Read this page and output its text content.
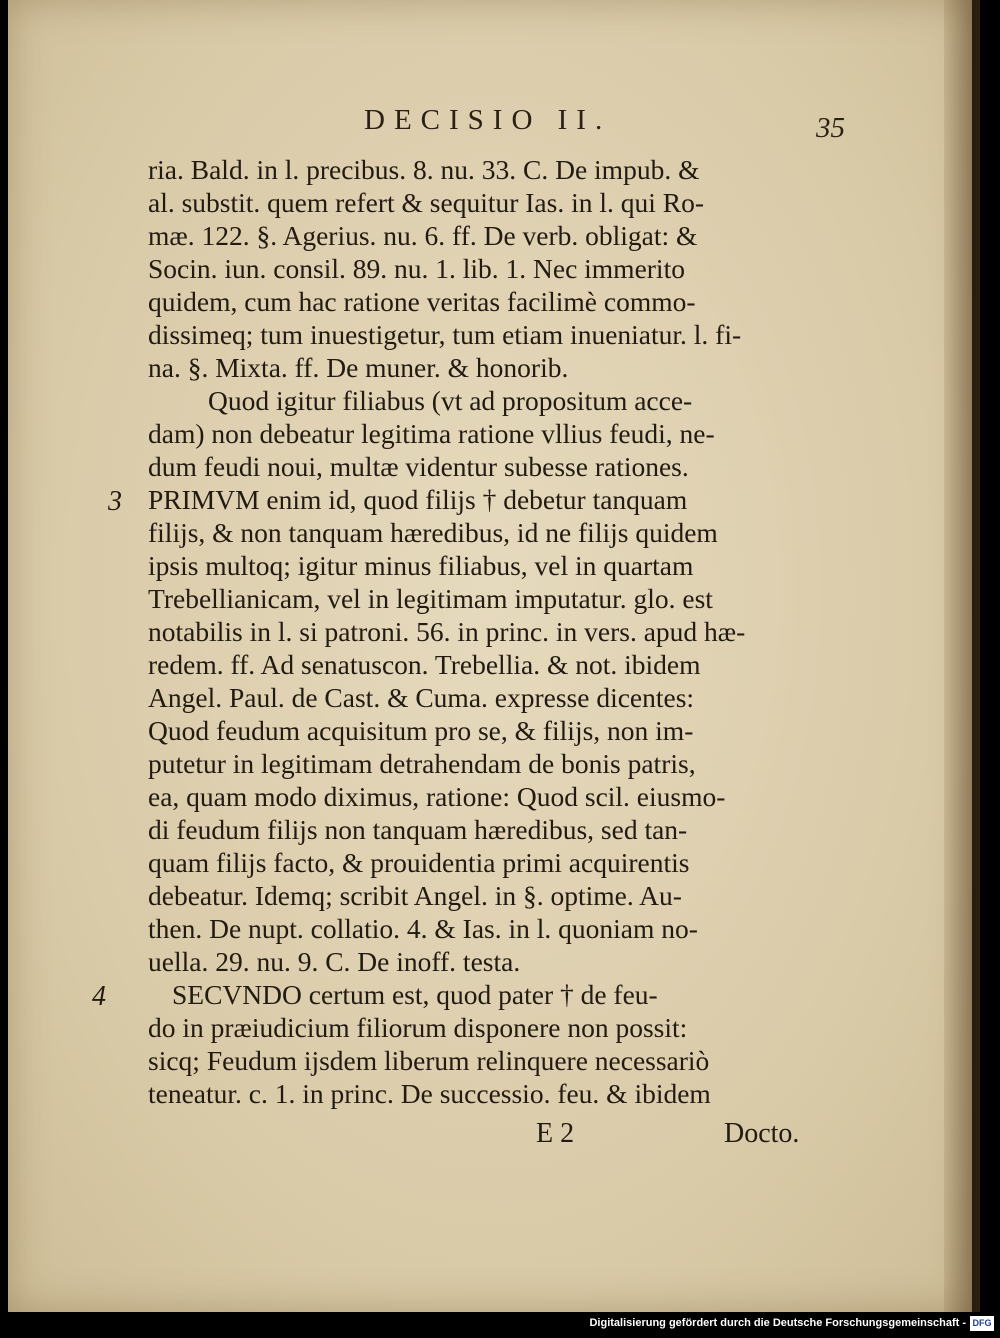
DECISIO II.	35
ria. Bald. in l. precibus. 8. nu. 33. C. De impub. &
al. substit. quem refert & sequitur Ias. in l. qui Ro-
mæ. 122. §. Agerius. nu. 6. ff. De verb. obligat: &
Socin. iun. consil. 89. nu. 1. lib. 1. Nec immerito
quidem, cum hac ratione veritas facilimè commo-
dissimeq; tum inuestigetur, tum etiam inueniatur. l. fi-
na. §. Mixta. ff. De muner. & honorib.
Quod igitur filiabus (vt ad propositum acce-
dam) non debeatur legitima ratione vllius feudi, ne-
dum feudi noui, multæ videntur subesse rationes.
3 PRIMVM enim id, quod filijs † debetur tanquam
filijs, & non tanquam hæredibus, id ne filijs quidem
ipsis multoq; igitur minus filiabus, vel in quartam
Trebellianicam, vel in legitimam imputatur. glo. est
notabilis in l. si patroni. 56. in princ. in vers. apud hæ-
redem. ff. Ad senatuscon. Trebellia. & not. ibidem
Angel. Paul. de Cast. & Cuma. expresse dicentes:
Quod feudum acquisitum pro se, & filijs, non im-
putetur in legitimam detrahendam de bonis patris,
ea, quam modo diximus, ratione: Quod scil. eiusmo-
di feudum filijs non tanquam hæredibus, sed tan-
quam filijs facto, & prouidentia primi acquirentis
debeatur. Idemq; scribit Angel. in §. optime. Au-
then. De nupt. collatio. 4. & Ias. in l. quoniam no-
uella. 29. nu. 9. C. De inoff. testa.
4 SECVNDO certum est, quod pater † de feu-
do in præiudicium filiorum disponere non possit:
sicq; Feudum ijsdem liberum relinquere necessariò
teneatur. c. 1. in princ. De successio. feu. & ibidem
E 2	Docto.
Digitalisierung gefördert durch die Deutsche Forschungsgemeinschaft - DFG
